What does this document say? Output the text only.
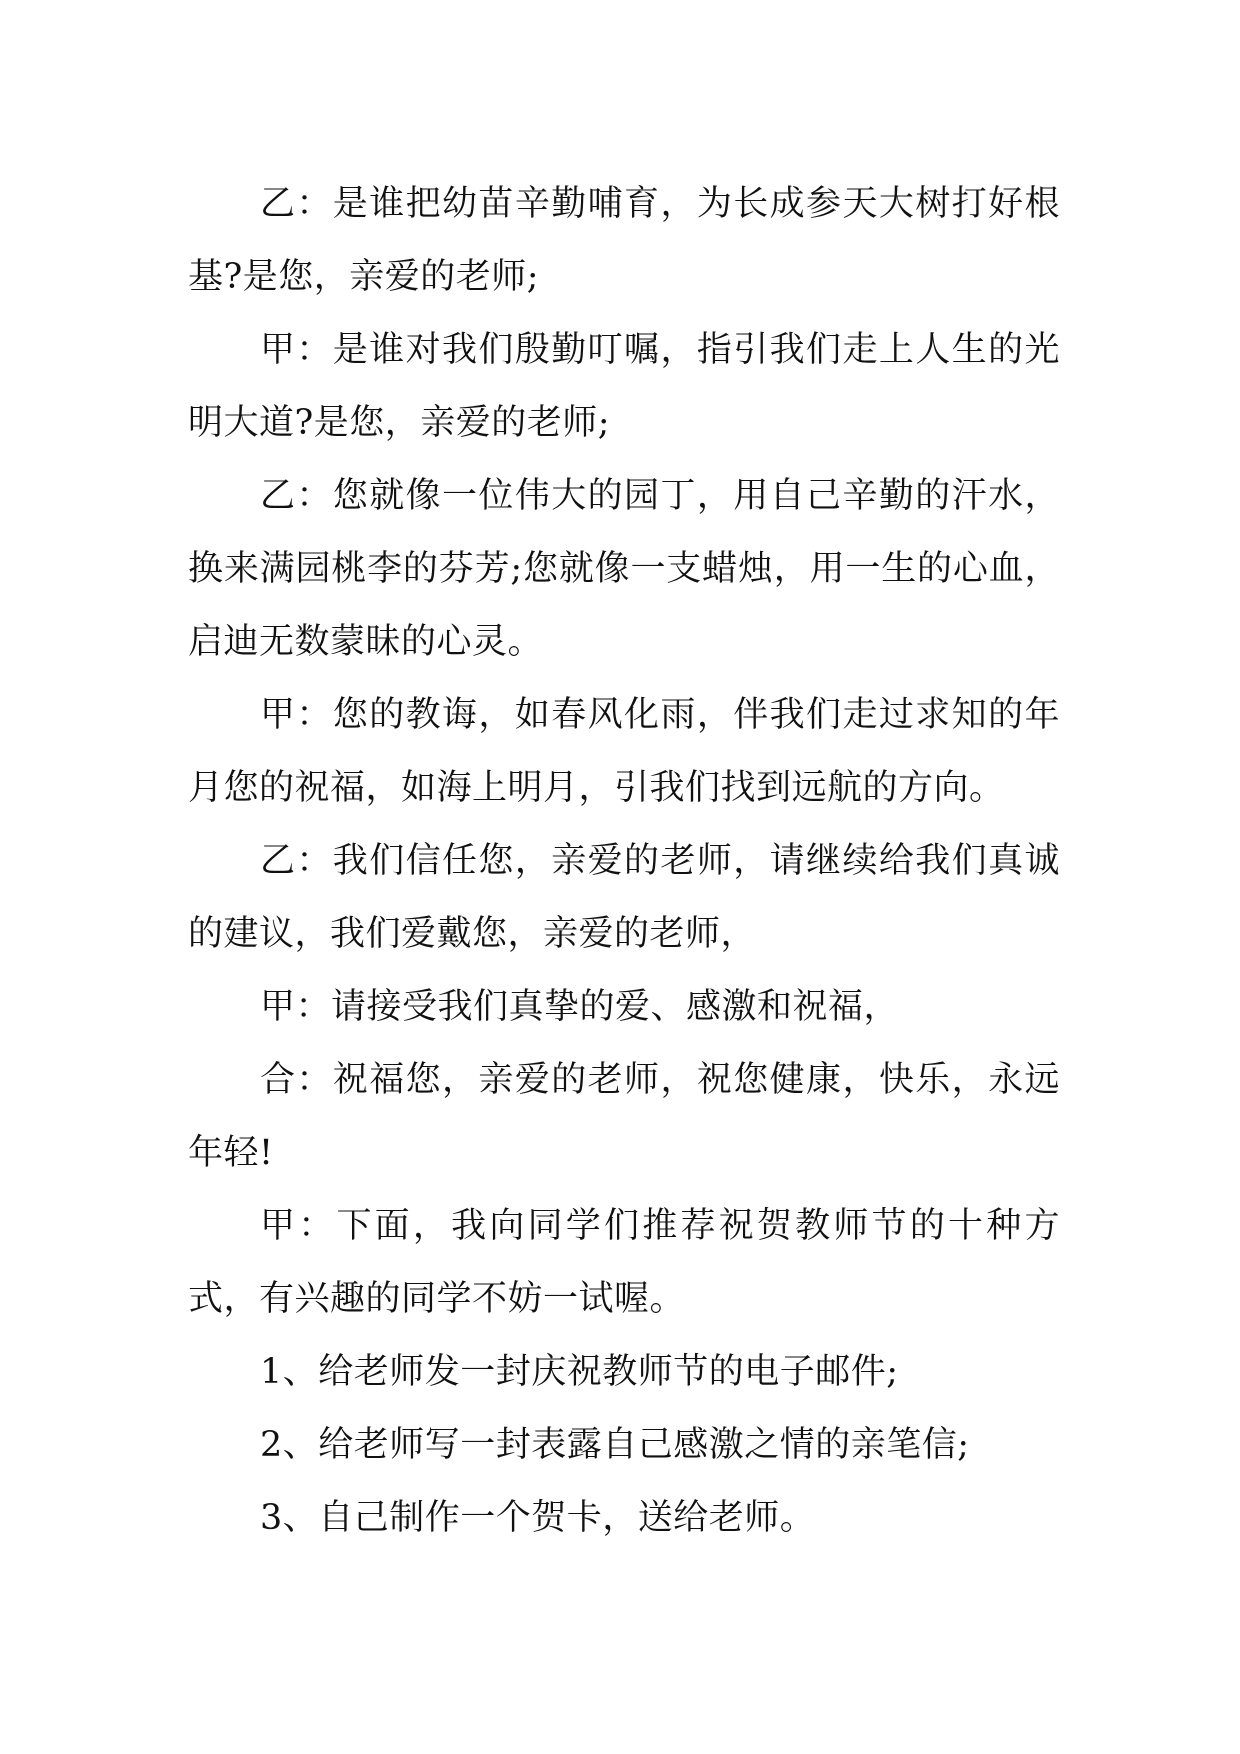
乙：是谁把幼苗辛勤哺育，为长成参天大树打好根基?是您，亲爱的老师;

甲：是谁对我们殷勤叮嘱，指引我们走上人生的光明大道?是您，亲爱的老师;

乙：您就像一位伟大的园丁，用自己辛勤的汗水，换来满园桃李的芬芳;您就像一支蜡烛，用一生的心血，启迪无数蒙昧的心灵。

甲：您的教诲，如春风化雨，伴我们走过求知的年月您的祝福，如海上明月，引我们找到远航的方向。

乙：我们信任您，亲爱的老师，请继续给我们真诚的建议，我们爱戴您，亲爱的老师，

甲：请接受我们真挚的爱、感激和祝福，

合：祝福您，亲爱的老师，祝您健康，快乐，永远年轻!

甲：下面，我向同学们推荐祝贺教师节的十种方式，有兴趣的同学不妨一试喔。

1、给老师发一封庆祝教师节的电子邮件;

2、给老师写一封表露自己感激之情的亲笔信;

3、自己制作一个贺卡，送给老师。
